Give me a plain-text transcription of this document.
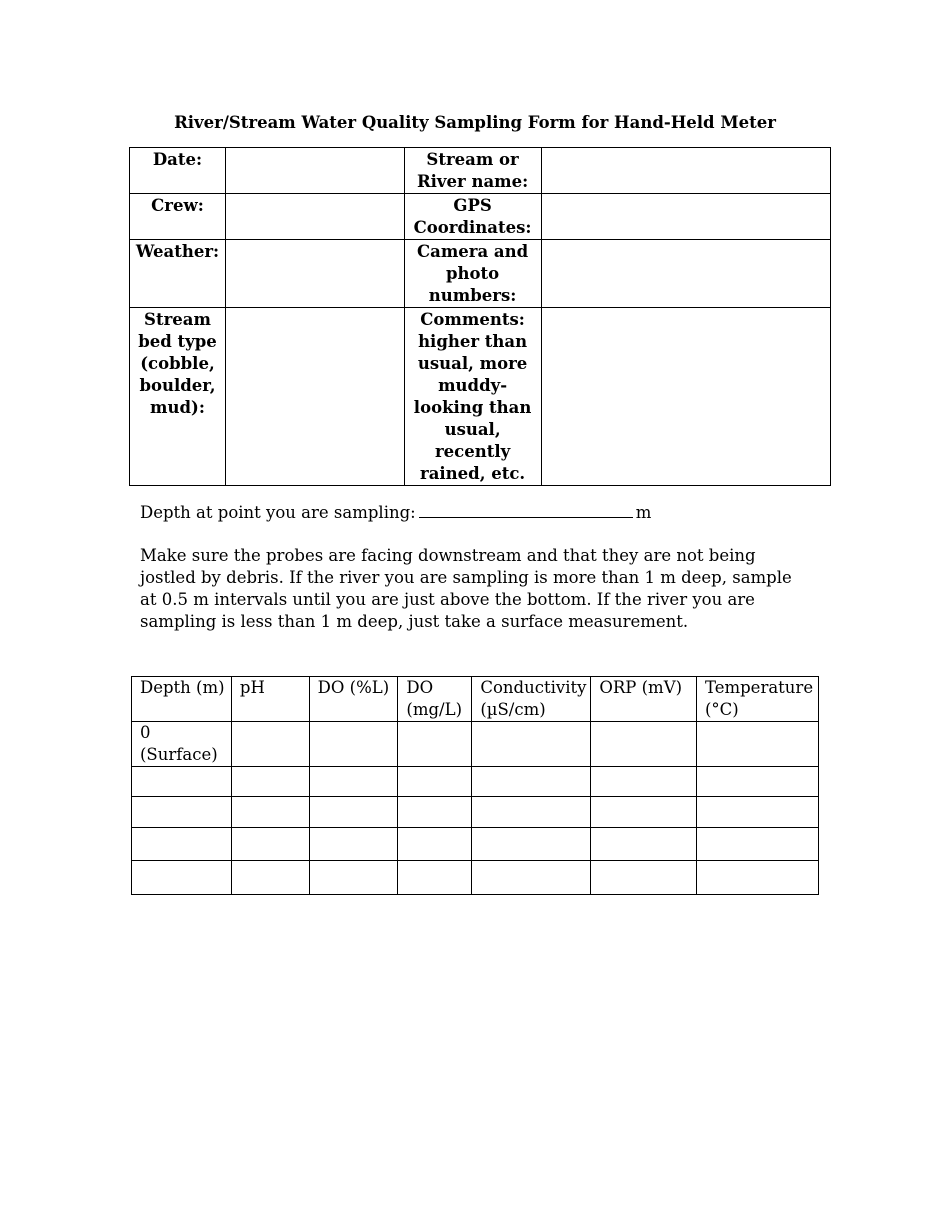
River/Stream Water Quality Sampling Form for Hand-Held Meter
Date:		Stream or River name:	
Crew:		GPS Coordinates:	
Weather:		Camera and photo numbers:	
Stream bed type (cobble, boulder, mud):		Comments: higher than usual, more muddy-looking than usual, recently rained, etc.	
Depth at point you are sampling:	m
Make sure the probes are facing downstream and that they are not being jostled by debris. If the river you are sampling is more than 1 m deep, sample at 0.5 m intervals until you are just above the bottom. If the river you are sampling is less than 1 m deep, just take a surface measurement.
Depth (m)	pH	DO (%L)	DO (mg/L)	Conductivity (µS/cm)	ORP (mV)	Temperature (°C)
0 (Surface)						
